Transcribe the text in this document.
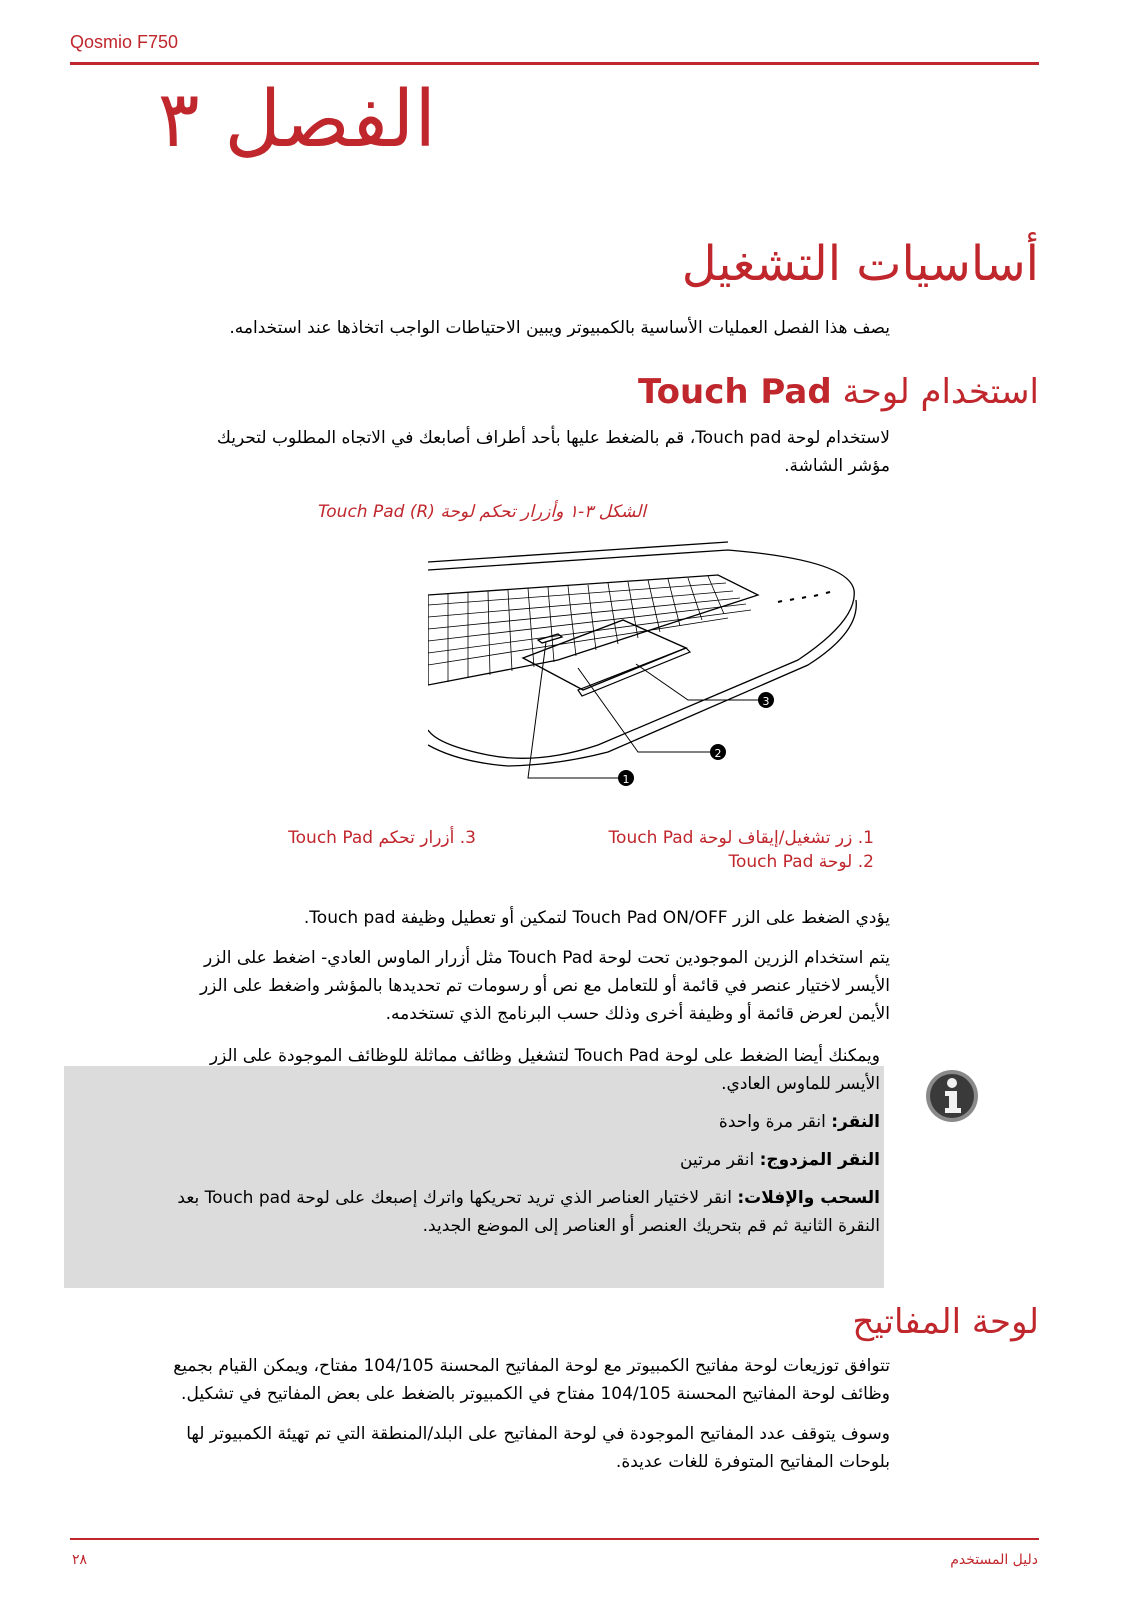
Qosmio F750
الفصل ٣
أساسيات التشغيل
يصف هذا الفصل العمليات الأساسية بالكمبيوتر ويبين الاحتياطات الواجب اتخاذها عند استخدامه.
استخدام لوحة Touch Pad
لاستخدام لوحة Touch pad، قم بالضغط عليها بأحد أطراف أصابعك في الاتجاه المطلوب لتحريك
مؤشر الشاشة.
الشكل ٣-١ وأزرار تحكم لوحة Touch Pad (R)
3
2
1
1. زر تشغيل/إيقاف لوحة Touch Pad
2. لوحة Touch Pad
3. أزرار تحكم Touch Pad
يؤدي الضغط على الزر Touch Pad ON/OFF لتمكين أو تعطيل وظيفة Touch pad.
يتم استخدام الزرين الموجودين تحت لوحة Touch Pad مثل أزرار الماوس العادي- اضغط على الزر
الأيسر لاختيار عنصر في قائمة أو للتعامل مع نص أو رسومات تم تحديدها بالمؤشر واضغط على الزر
الأيمن لعرض قائمة أو وظيفة أخرى وذلك حسب البرنامج الذي تستخدمه.
ويمكنك أيضا الضغط على لوحة Touch Pad لتشغيل وظائف مماثلة للوظائف الموجودة على الزر
الأيسر للماوس العادي.
النقر: انقر مرة واحدة
النقر المزدوج: انقر مرتين
السحب والإفلات: انقر لاختيار العناصر الذي تريد تحريكها واترك إصبعك على لوحة Touch pad بعد
النقرة الثانية ثم قم بتحريك العنصر أو العناصر إلى الموضع الجديد.
لوحة المفاتيح
تتوافق توزيعات لوحة مفاتيح الكمبيوتر مع لوحة المفاتيح المحسنة 104/105 مفتاح، ويمكن القيام بجميع
وظائف لوحة المفاتيح المحسنة 104/105 مفتاح في الكمبيوتر بالضغط على بعض المفاتيح في تشكيل.
وسوف يتوقف عدد المفاتيح الموجودة في لوحة المفاتيح على البلد/المنطقة التي تم تهيئة الكمبيوتر لها
بلوحات المفاتيح المتوفرة للغات عديدة.
٢٨	دليل المستخدم
